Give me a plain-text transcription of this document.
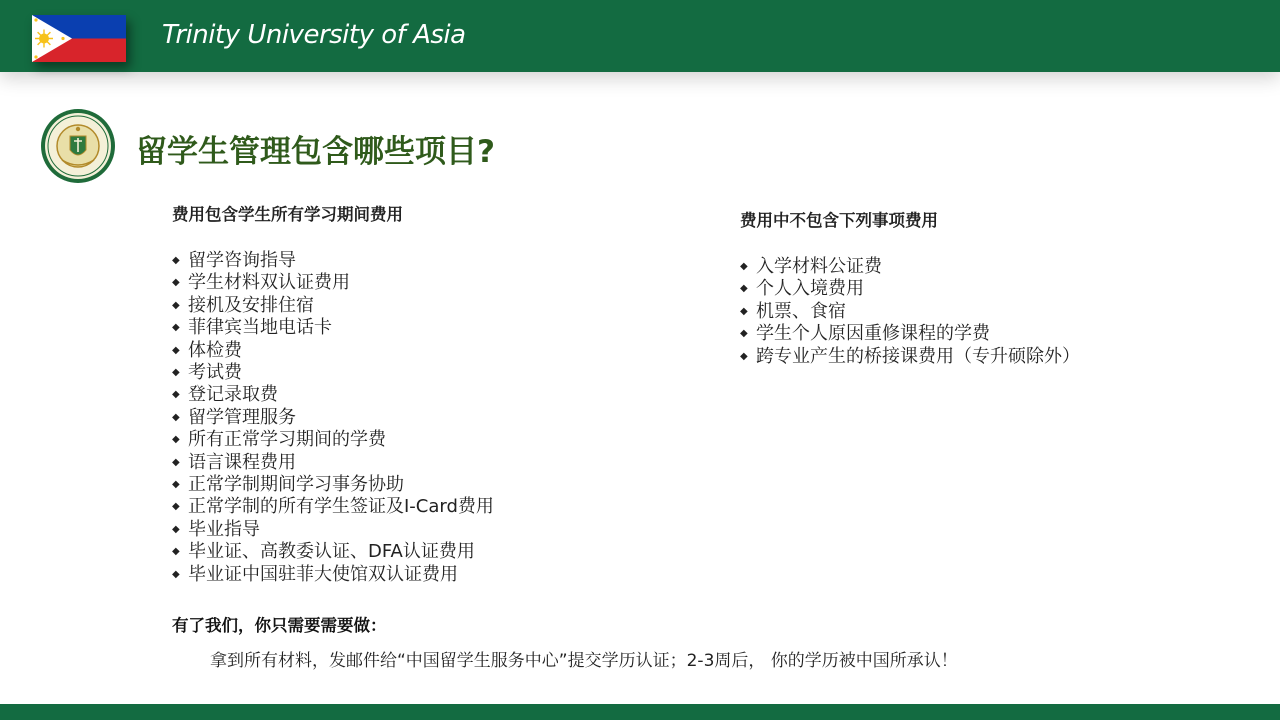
Trinity University of Asia
留学生管理包含哪些项目?
费用包含学生所有学习期间费用
◆ 留学咨询指导
◆ 学生材料双认证费用
◆ 接机及安排住宿
◆ 菲律宾当地电话卡
◆ 体检费
◆ 考试费
◆ 登记录取费
◆ 留学管理服务
◆ 所有正常学习期间的学费
◆ 语言课程费用
◆ 正常学制期间学习事务协助
◆ 正常学制的所有学生签证及I-Card费用
◆ 毕业指导
◆ 毕业证、高教委认证、DFA认证费用
◆ 毕业证中国驻菲大使馆双认证费用
费用中不包含下列事项费用
◆ 入学材料公证费
◆ 个人入境费用
◆ 机票、食宿
◆ 学生个人原因重修课程的学费
◆ 跨专业产生的桥接课费用（专升硕除外）
有了我们，你只需要需要做：
拿到所有材料，发邮件给“中国留学生服务中心”提交学历认证；2-3周后， 你的学历被中国所承认！
